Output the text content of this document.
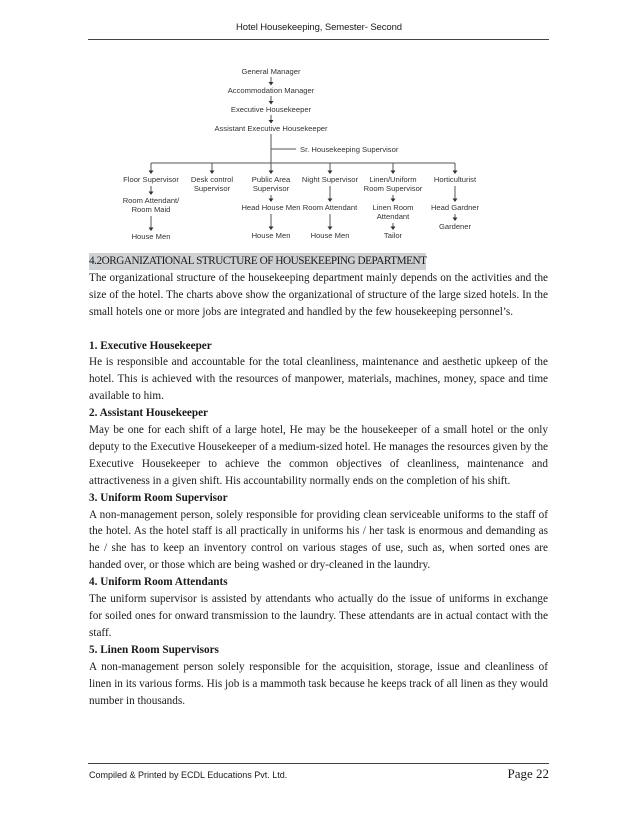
Hotel Housekeeping, Semester- Second
General Manager
Accommodation Manager
Executive Housekeeper
Assistant Executive Housekeeper
Sr. Housekeeping Supervisor
Floor Supervisor
Room Attendant/
Room Maid
House Men
Desk control
Supervisor
Public Area
Supervisor
Head House Men
House Men
Night Supervisor
Room Attendant
House Men
Linen/Uniform
Room Supervisor
Linen Room
Attendant
Tailor
Horticulturist
Head Gardner
Gardener

4.2ORGANIZATIONAL STRUCTURE OF HOUSEKEEPING DEPARTMENT

The organizational structure of the housekeeping department mainly depends on the activities and the size of the hotel. The charts above show the organizational of structure of the large sized hotels. In the small hotels one or more jobs are integrated and handled by the few housekeeping personnel’s.

1. Executive Housekeeper

He is responsible and accountable for the total cleanliness, maintenance and aesthetic upkeep of the hotel. This is achieved with the resources of manpower, materials, machines, money, space and time available to him.

2. Assistant Housekeeper

May be one for each shift of a large hotel, He may be the housekeeper of a small hotel or the only deputy to the Executive Housekeeper of a medium-sized hotel. He manages the resources given by the Executive Housekeeper to achieve the common objectives of cleanliness, maintenance and attractiveness in a given shift. His accountability normally ends on the completion of his shift.

3. Uniform Room Supervisor

A non-management person, solely responsible for providing clean serviceable uniforms to the staff of the hotel. As the hotel staff is all practically in uniforms his / her task is enormous and demanding as he / she has to keep an inventory control on various stages of use, such as, when sorted ones are handed over, or those which are being washed or dry-cleaned in the laundry.

4. Uniform Room Attendants

The uniform supervisor is assisted by attendants who actually do the issue of uniforms in exchange for soiled ones for onward transmission to the laundry. These attendants are in actual contact with the staff.

5. Linen Room Supervisors

A non-management person solely responsible for the acquisition, storage, issue and cleanliness of linen in its various forms. His job is a mammoth task because he keeps track of all linen as they would number in thousands.

Compiled & Printed by ECDL Educations Pvt. Ltd.	Page 22
